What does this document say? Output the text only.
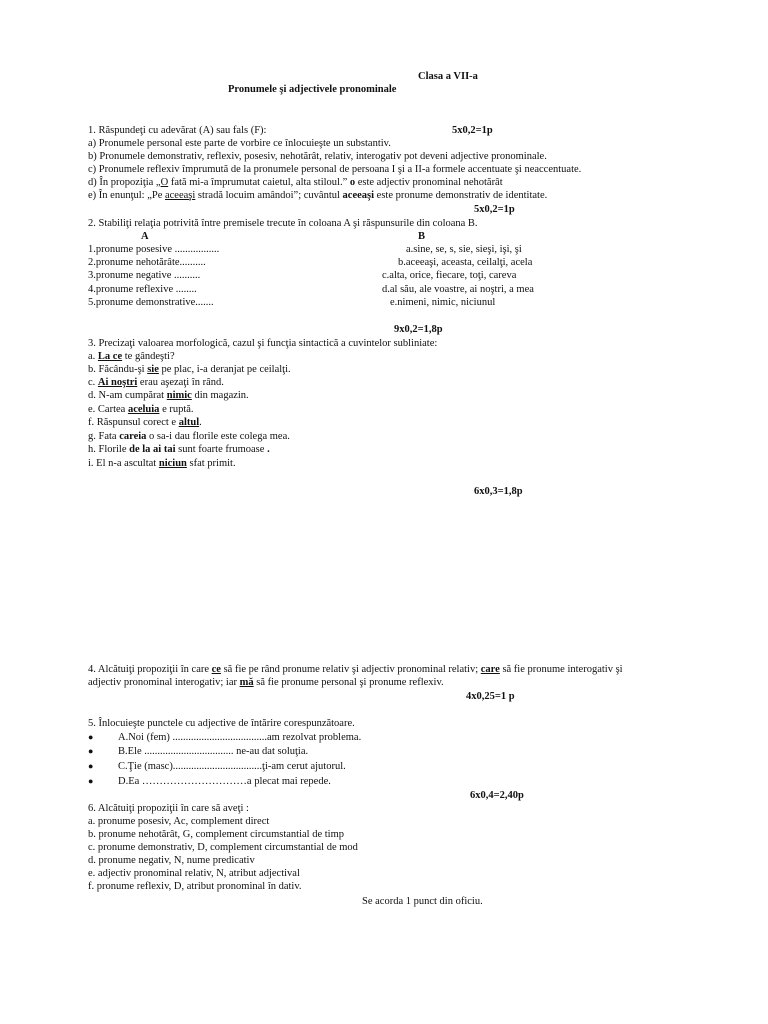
Clasa a VII-a
Pronumele şi adjectivele pronominale
1. Răspundeţi cu adevărat (A) sau fals (F):	5x0,2=1p
a) Pronumele personal este parte de vorbire ce înlocuieşte un substantiv.
b) Pronumele demonstrativ, reflexiv, posesiv, nehotărât, relativ, interogativ pot deveni adjective pronominale.
c) Pronumele reflexiv împrumută de la pronumele personal de persoana I şi a II-a formele accentuate şi neaccentuate.
d) În propoziţia „O fată mi-a împrumutat caietul, alta stiloul.” o este adjectiv pronominal nehotărât
e) În enunţul: „Pe aceeaşi stradă locuim amândoi”; cuvântul aceeaşi este pronume demonstrativ de identitate.
5x0,2=1p
2. Stabiliţi relaţia potrivită între premisele trecute în coloana A şi răspunsurile din coloana B.
A	B
1.pronume posesive .................
2.pronume nehotărâte..........
3.pronume negative ..........
4.pronume reflexive ........
5.pronume demonstrative.......
a.sine, se, s, sie, sieşi, işi, şi
b.aceeaşi, aceasta, ceilalţi, acela
c.alta, orice, fiecare, toţi, careva
d.al său, ale voastre, ai noştri, a mea
e.nimeni, nimic, niciunul
9x0,2=1,8p
3. Precizaţi valoarea morfologică, cazul şi funcţia sintactică a cuvintelor subliniate:
a. La ce te gândeşti?
b. Făcându-şi sie pe plac, i-a deranjat pe ceilalţi.
c. Ai noştri erau aşezaţi în rând.
d. N-am cumpărat nimic din magazin.
e. Cartea aceluia e ruptă.
f. Răspunsul corect e altul.
g. Fata careia o sa-i dau florile este colega mea.
h. Florile de la ai tai sunt foarte frumoase .
i. El n-a ascultat niciun sfat primit.
6x0,3=1,8p
4. Alcătuiţi propoziţii în care ce să fie pe rând pronume relativ şi adjectiv pronominal relativ; care să fie pronume interogativ şi
adjectiv pronominal interogativ; iar mă să fie pronume personal şi pronume reflexiv.
4x0,25=1 p
5. Înlocuieşte punctele cu adjective de întărire corespunzătoare.
● A.Noi (fem) ....................................am rezolvat problema.
● B.Ele .................................. ne-au dat soluţia.
● C.Ţie (masc)..................................ţi-am cerut ajutorul.
● D.Ea …………………………a plecat mai repede.
6x0,4=2,40p
6. Alcătuiţi propoziţii în care să aveţi :
a. pronume posesiv, Ac, complement direct
b. pronume nehotărât, G, complement circumstantial de timp
c. pronume demonstrativ, D, complement circumstantial de mod
d. pronume negativ, N, nume predicativ
e. adjectiv pronominal relativ, N, atribut adjectival
f. pronume reflexiv, D, atribut pronominal în dativ.
Se acorda 1 punct din oficiu.
